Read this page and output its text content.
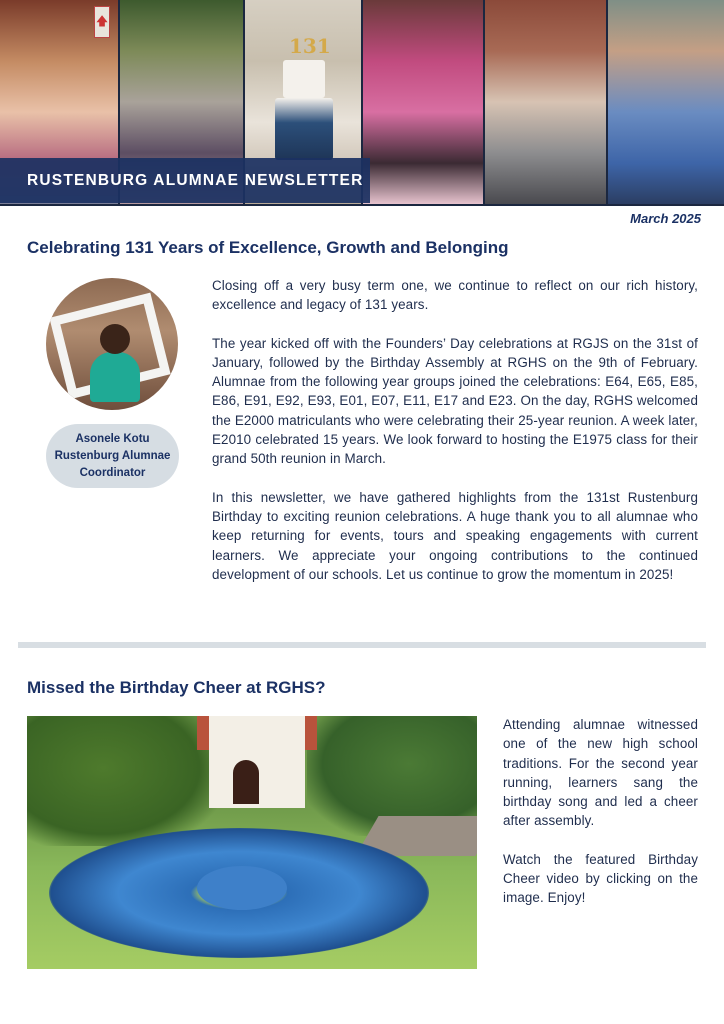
🡅
131
RUSTENBURG ALUMNAE NEWSLETTER
March 2025
Celebrating 131 Years of Excellence, Growth and Belonging
Asonele Kotu
Rustenburg Alumnae
Coordinator

Closing off a very busy term one, we continue to reflect on our rich history, excellence and legacy of 131 years.

The year kicked off with the Founders’ Day celebrations at RGJS on the 31st of January, followed by the Birthday Assembly at RGHS on the 9th of February. Alumnae from the following year groups joined the celebrations: E64, E65, E85, E86, E91, E92, E93, E01, E07, E11, E17 and E23. On the day, RGHS welcomed the E2000 matriculants who were celebrating their 25-year reunion. A week later, E2010 celebrated 15 years. We look forward to hosting the E1975 class for their grand 50th reunion in March.

In this newsletter, we have gathered highlights from the 131st Rustenburg Birthday to exciting reunion celebrations. A huge thank you to all alumnae who keep returning for events, tours and speaking engagements with current learners. We appreciate your ongoing contributions to the continued development of our schools. Let us continue to grow the momentum in 2025!

Missed the Birthday Cheer at RGHS?

Attending alumnae witnessed one of the new high school traditions. For the second year running, learners sang the birthday song and led a cheer after assembly.

Watch the featured Birthday Cheer video by clicking on the image. Enjoy!
